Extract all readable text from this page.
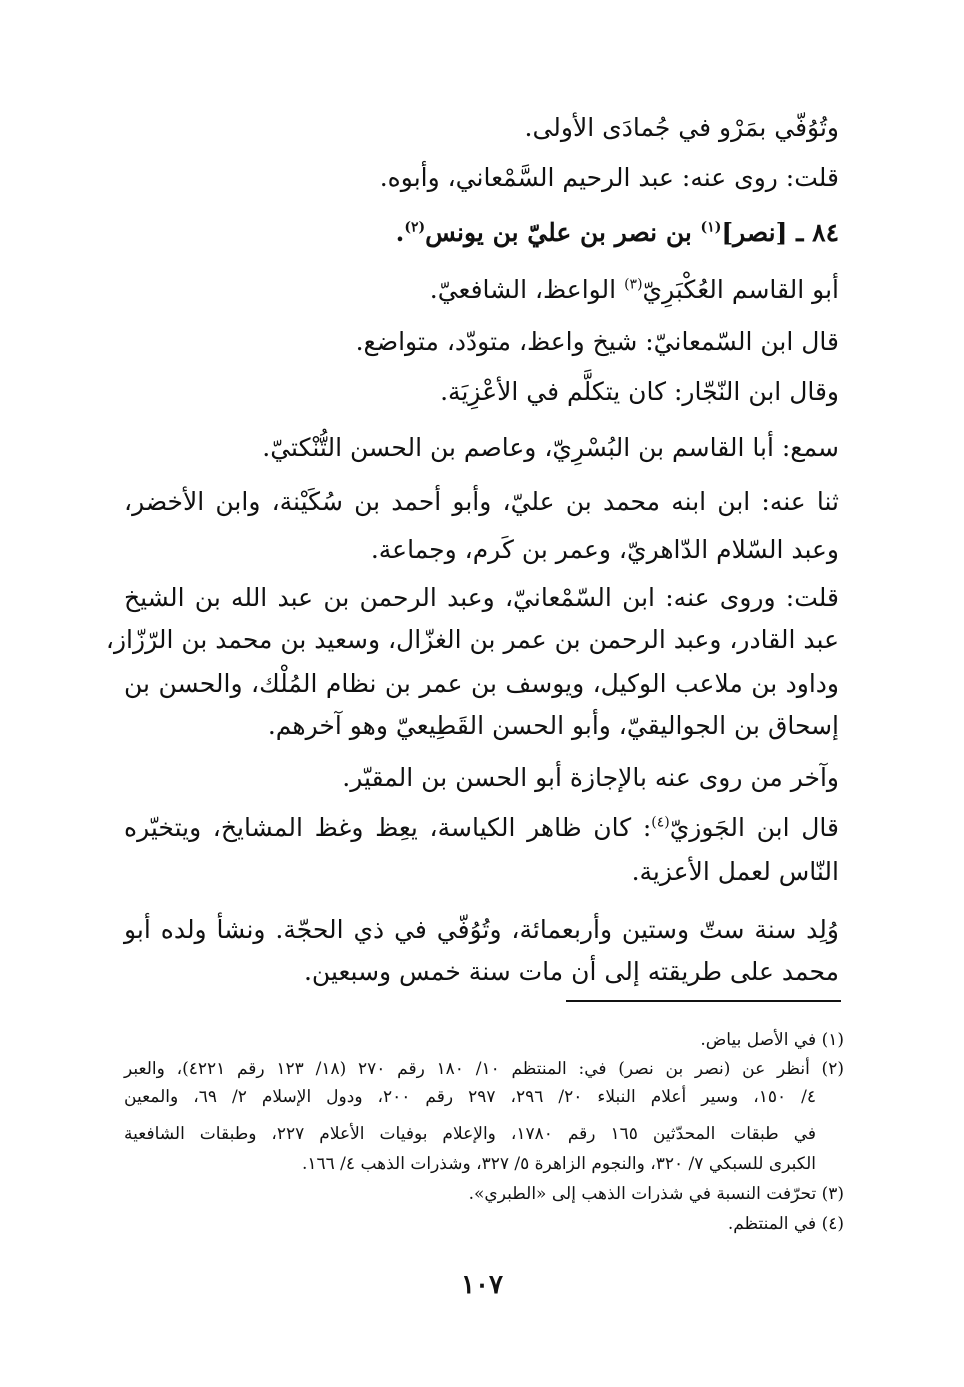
وتُوُفّي بمَرْو في جُمادَى الأولى.
قلت: روى عنه: عبد الرحيم السَّمْعاني، وأبوه.
٨٤ ـ [نصر]$^{(١)}$ بن نصر بن عليّ بن يونس$^{(٢)}$.
أبو القاسم العُكْبَرِيّ$^{(٣)}$ الواعظ، الشافعيّ.
قال ابن السّمعانيّ: شيخ واعظ، متودّد، متواضع.
وقال ابن النّجّار: كان يتكلَّم في الأعْزِيَة.
سمع: أبا القاسم بن البُسْرِيّ، وعاصم بن الحسن التُّنْكتيّ.
ثنا عنه: ابن ابنه محمد بن عليّ، وأبو أحمد بن سُكَيْنة، وابن الأخضر،
وعبد السّلام الدّاهريّ، وعمر بن كَرم، وجماعة.
قلت: وروى عنه: ابن السّمْعانيّ، وعبد الرحمن بن عبد الله بن الشيخ
عبد القادر، وعبد الرحمن بن عمر بن الغزّال، وسعيد بن محمد بن الرّزّاز،
وداود بن ملاعب الوكيل، ويوسف بن عمر بن نظام المُلْك، والحسن بن
إسحاق بن الجواليقيّ، وأبو الحسن القَطِيعيّ وهو آخرهم.
وآخر من روى عنه بالإجازة أبو الحسن بن المقيّر.
قال ابن الجَوزيّ$^{(٤)}$: كان ظاهر الكياسة، يعِظ وغظ المشايخ، ويتخيّره
النّاس لعمل الأعزية.
وُلِد سنة ستّ وستين وأربعمائة، وتُوُفّي في ذي الحجّة. ونشأ ولده أبو
محمد على طريقته إلى أن مات سنة خمس وسبعين.
(١) في الأصل بياض.
(٢) أنظر عن (نصر بن نصر) في: المنتظم ١٠/ ١٨٠ رقم ٢٧٠ (١٨/ ١٢٣ رقم ٤٢٢١)، والعبر
٤/ ١٥٠، وسير أعلام النبلاء ٢٠/ ٢٩٦، ٢٩٧ رقم ٢٠٠، ودول الإسلام ٢/ ٦٩، والمعين
في طبقات المحدّثين ١٦٥ رقم ١٧٨٠، والإعلام بوفيات الأعلام ٢٢٧، وطبقات الشافعية
الكبرى للسبكي ٧/ ٣٢٠، والنجوم الزاهرة ٥/ ٣٢٧، وشذرات الذهب ٤/ ١٦٦.
(٣) تحرّفت النسبة في شذرات الذهب إلى «الطبري».
(٤) في المنتظم.
١٠٧
